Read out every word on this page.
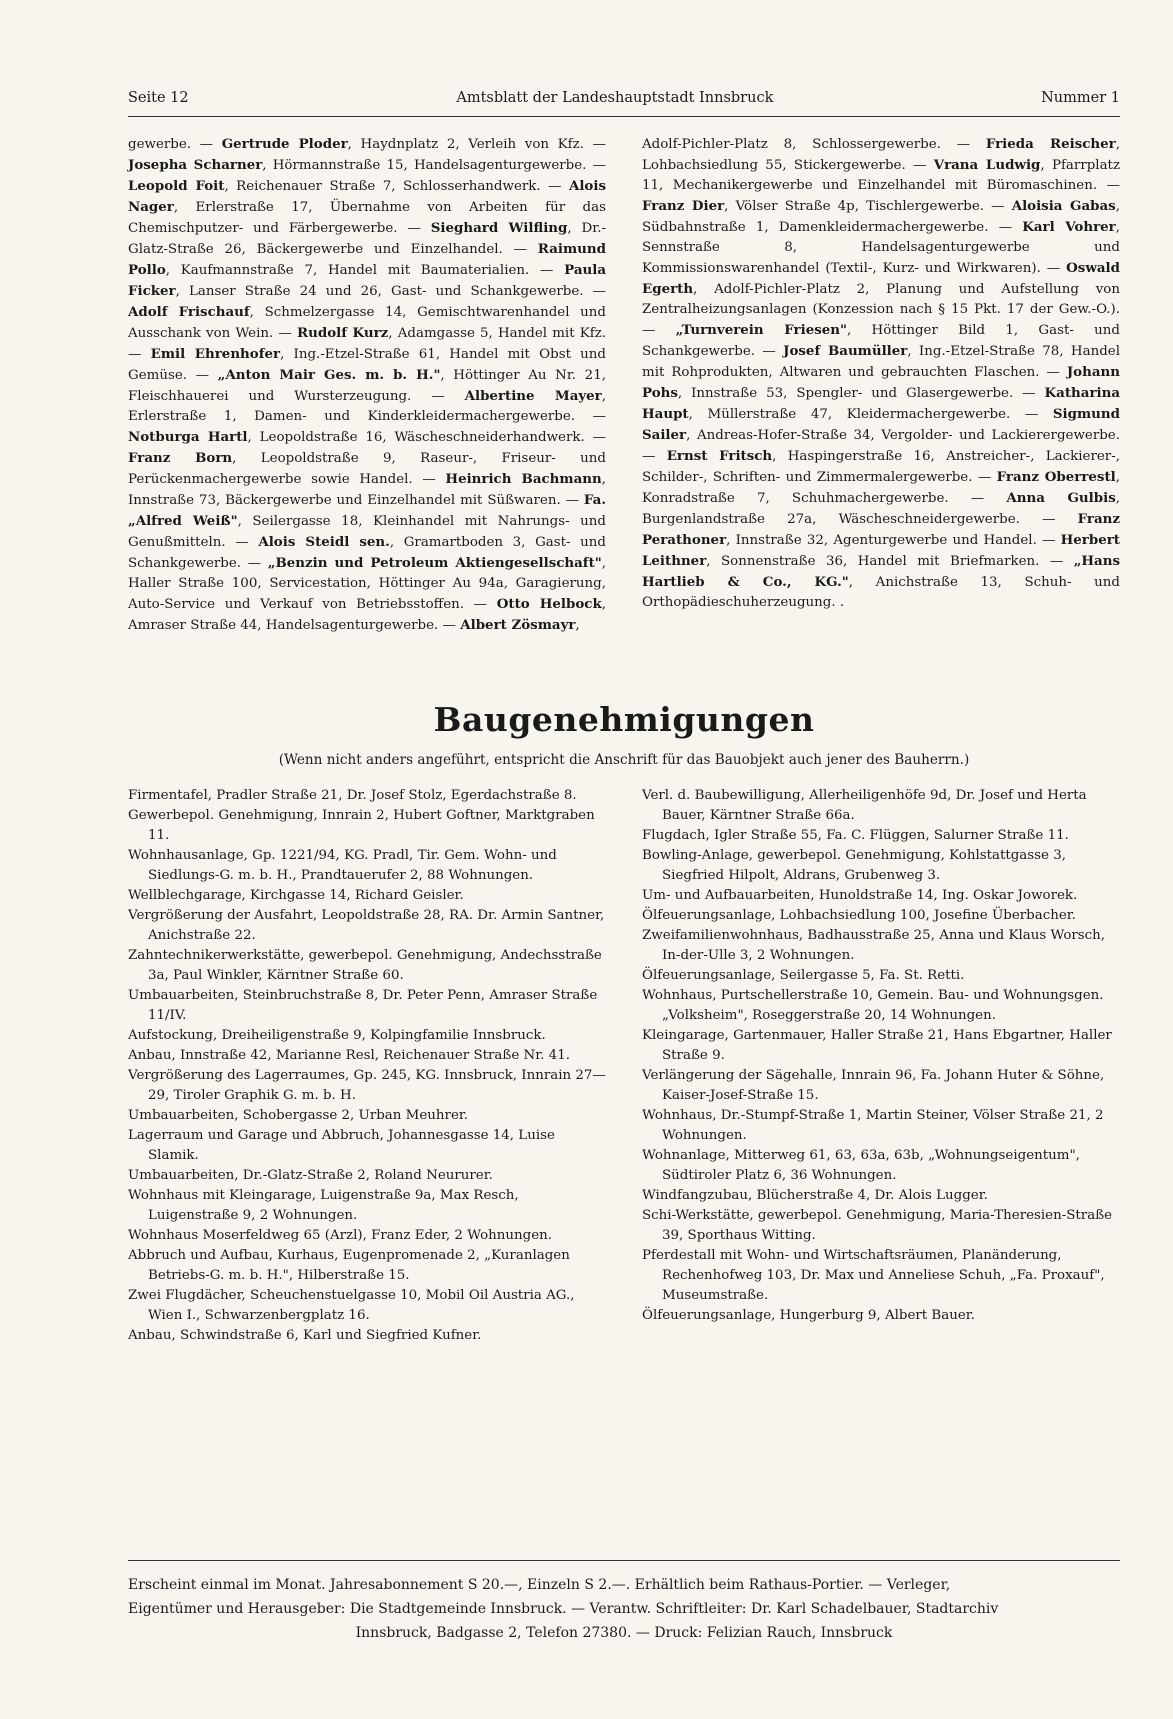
Seite 12	Amtsblatt der Landeshauptstadt Innsbruck	Nummer 1

gewerbe. — Gertrude Ploder, Haydnplatz 2, Verleih von Kfz. — Josepha Scharner, Hörmannstraße 15, Handelsagenturgewerbe. — Leopold Foit, Reichenauer Straße 7, Schlosserhandwerk. — Alois Nager, Erlerstraße 17, Übernahme von Arbeiten für das Chemischputzer- und Färbergewerbe. — Sieghard Wilfling, Dr.-Glatz-Straße 26, Bäckergewerbe und Einzelhandel. — Raimund Pollo, Kaufmannstraße 7, Handel mit Baumaterialien. — Paula Ficker, Lanser Straße 24 und 26, Gast- und Schankgewerbe. — Adolf Frischauf, Schmelzergasse 14, Gemischtwarenhandel und Ausschank von Wein. — Rudolf Kurz, Adamgasse 5, Handel mit Kfz. — Emil Ehrenhofer, Ing.-Etzel-Straße 61, Handel mit Obst und Gemüse. — „Anton Mair Ges. m. b. H.", Höttinger Au Nr. 21, Fleischhauerei und Wursterzeugung. — Albertine Mayer, Erlerstraße 1, Damen- und Kinderkleidermachergewerbe. — Notburga Hartl, Leopoldstraße 16, Wäscheschneiderhandwerk. — Franz Born, Leopoldstraße 9, Raseur-, Friseur- und Perückenmachergewerbe sowie Handel. — Heinrich Bachmann, Innstraße 73, Bäckergewerbe und Einzelhandel mit Süßwaren. — Fa. „Alfred Weiß", Seilergasse 18, Kleinhandel mit Nahrungs- und Genußmitteln. — Alois Steidl sen., Gramartboden 3, Gast- und Schankgewerbe. — „Benzin und Petroleum Aktiengesellschaft", Haller Straße 100, Servicestation, Höttinger Au 94a, Garagierung, Auto-Service und Verkauf von Betriebsstoffen. — Otto Helbock, Amraser Straße 44, Handelsagenturgewerbe. — Albert Zösmayr,

Adolf-Pichler-Platz 8, Schlossergewerbe. — Frieda Reischer, Lohbachsiedlung 55, Stickergewerbe. — Vrana Ludwig, Pfarrplatz 11, Mechanikergewerbe und Einzelhandel mit Büromaschinen. — Franz Dier, Völser Straße 4p, Tischlergewerbe. — Aloisia Gabas, Südbahnstraße 1, Damenkleidermachergewerbe. — Karl Vohrer, Sennstraße 8, Handelsagenturgewerbe und Kommissionswarenhandel (Textil-, Kurz- und Wirkwaren). — Oswald Egerth, Adolf-Pichler-Platz 2, Planung und Aufstellung von Zentralheizungsanlagen (Konzession nach § 15 Pkt. 17 der Gew.-O.). — „Turnverein Friesen", Höttinger Bild 1, Gast- und Schankgewerbe. — Josef Baumüller, Ing.-Etzel-Straße 78, Handel mit Rohprodukten, Altwaren und gebrauchten Flaschen. — Johann Pohs, Innstraße 53, Spengler- und Glasergewerbe. — Katharina Haupt, Müllerstraße 47, Kleidermachergewerbe. — Sigmund Sailer, Andreas-Hofer-Straße 34, Vergolder- und Lackierergewerbe. — Ernst Fritsch, Haspingerstraße 16, Anstreicher-, Lackierer-, Schilder-, Schriften- und Zimmermalergewerbe. — Franz Oberrestl, Konradstraße 7, Schuhmachergewerbe. — Anna Gulbis, Burgenlandstraße 27a, Wäscheschneidergewerbe. — Franz Perathoner, Innstraße 32, Agenturgewerbe und Handel. — Herbert Leithner, Sonnenstraße 36, Handel mit Briefmarken. — „Hans Hartlieb & Co., KG.", Anichstraße 13, Schuh- und Orthopädieschuherzeugung. .

Baugenehmigungen
(Wenn nicht anders angeführt, entspricht die Anschrift für das Bauobjekt auch jener des Bauherrn.)

Firmentafel, Pradler Straße 21, Dr. Josef Stolz, Egerdachstraße 8.

Gewerbepol. Genehmigung, Innrain 2, Hubert Goftner, Marktgraben 11.

Wohnhausanlage, Gp. 1221/94, KG. Pradl, Tir. Gem. Wohn- und Siedlungs-G. m. b. H., Prandtauerufer 2, 88 Wohnungen.

Wellblechgarage, Kirchgasse 14, Richard Geisler.

Vergrößerung der Ausfahrt, Leopoldstraße 28, RA. Dr. Armin Santner, Anichstraße 22.

Zahntechnikerwerkstätte, gewerbepol. Genehmigung, Andechsstraße 3a, Paul Winkler, Kärntner Straße 60.

Umbauarbeiten, Steinbruchstraße 8, Dr. Peter Penn, Amraser Straße 11/IV.

Aufstockung, Dreiheiligenstraße 9, Kolpingfamilie Innsbruck.

Anbau, Innstraße 42, Marianne Resl, Reichenauer Straße Nr. 41.

Vergrößerung des Lagerraumes, Gp. 245, KG. Innsbruck, Innrain 27—29, Tiroler Graphik G. m. b. H.

Umbauarbeiten, Schobergasse 2, Urban Meuhrer.

Lagerraum und Garage und Abbruch, Johannesgasse 14, Luise Slamik.

Umbauarbeiten, Dr.-Glatz-Straße 2, Roland Neururer.

Wohnhaus mit Kleingarage, Luigenstraße 9a, Max Resch, Luigenstraße 9, 2 Wohnungen.

Wohnhaus Moserfeldweg 65 (Arzl), Franz Eder, 2 Wohnungen.

Abbruch und Aufbau, Kurhaus, Eugenpromenade 2, „Kuranlagen Betriebs-G. m. b. H.", Hilberstraße 15.

Zwei Flugdächer, Scheuchenstuelgasse 10, Mobil Oil Austria AG., Wien I., Schwarzenbergplatz 16.

Anbau, Schwindstraße 6, Karl und Siegfried Kufner.

Verl. d. Baubewilligung, Allerheiligenhöfe 9d, Dr. Josef und Herta Bauer, Kärntner Straße 66a.

Flugdach, Igler Straße 55, Fa. C. Flüggen, Salurner Straße 11.

Bowling-Anlage, gewerbepol. Genehmigung, Kohlstattgasse 3, Siegfried Hilpolt, Aldrans, Grubenweg 3.

Um- und Aufbauarbeiten, Hunoldstraße 14, Ing. Oskar Joworek.

Ölfeuerungsanlage, Lohbachsiedlung 100, Josefine Überbacher.

Zweifamilienwohnhaus, Badhausstraße 25, Anna und Klaus Worsch, In-der-Ulle 3, 2 Wohnungen.

Ölfeuerungsanlage, Seilergasse 5, Fa. St. Retti.

Wohnhaus, Purtschellerstraße 10, Gemein. Bau- und Wohnungsgen. „Volksheim", Roseggerstraße 20, 14 Wohnungen.

Kleingarage, Gartenmauer, Haller Straße 21, Hans Ebgartner, Haller Straße 9.

Verlängerung der Sägehalle, Innrain 96, Fa. Johann Huter & Söhne, Kaiser-Josef-Straße 15.

Wohnhaus, Dr.-Stumpf-Straße 1, Martin Steiner, Völser Straße 21, 2 Wohnungen.

Wohnanlage, Mitterweg 61, 63, 63a, 63b, „Wohnungseigentum", Südtiroler Platz 6, 36 Wohnungen.

Windfangzubau, Blücherstraße 4, Dr. Alois Lugger.

Schi-Werkstätte, gewerbepol. Genehmigung, Maria-Theresien-Straße 39, Sporthaus Witting.

Pferdestall mit Wohn- und Wirtschaftsräumen, Planänderung, Rechenhofweg 103, Dr. Max und Anneliese Schuh, „Fa. Proxauf", Museumstraße.

Ölfeuerungsanlage, Hungerburg 9, Albert Bauer.

Erscheint einmal im Monat. Jahresabonnement S 20.—, Einzeln S 2.—. Erhältlich beim Rathaus-Portier. — Verleger,
Eigentümer und Herausgeber: Die Stadtgemeinde Innsbruck. — Verantw. Schriftleiter: Dr. Karl Schadelbauer, Stadtarchiv
Innsbruck, Badgasse 2, Telefon 27380. — Druck: Felizian Rauch, Innsbruck
